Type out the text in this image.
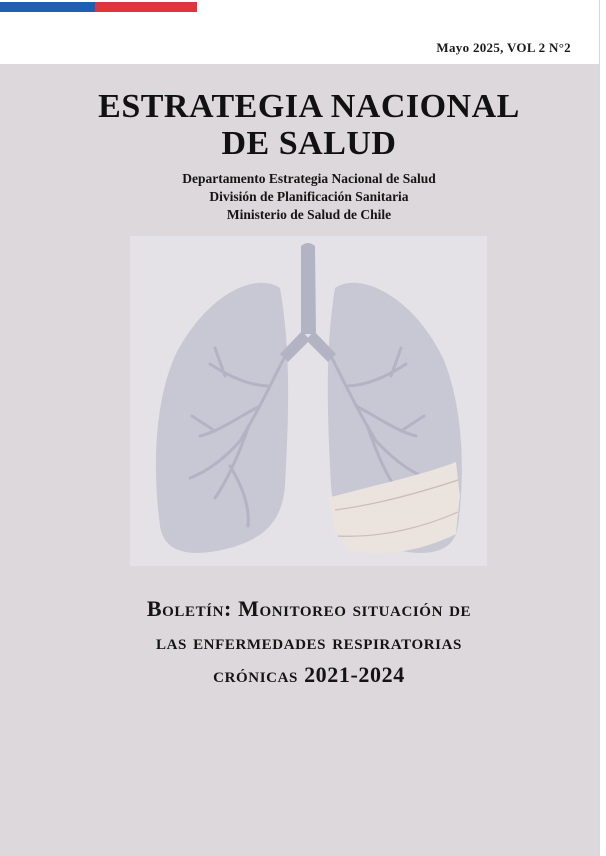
Mayo 2025, VOL 2 N°2
ESTRATEGIA NACIONAL
DE SALUD
Departamento Estrategia Nacional de Salud
División de Planificación Sanitaria
Ministerio de Salud de Chile
Boletín: Monitoreo situación de
las enfermedades respiratorias
crónicas 2021-2024
